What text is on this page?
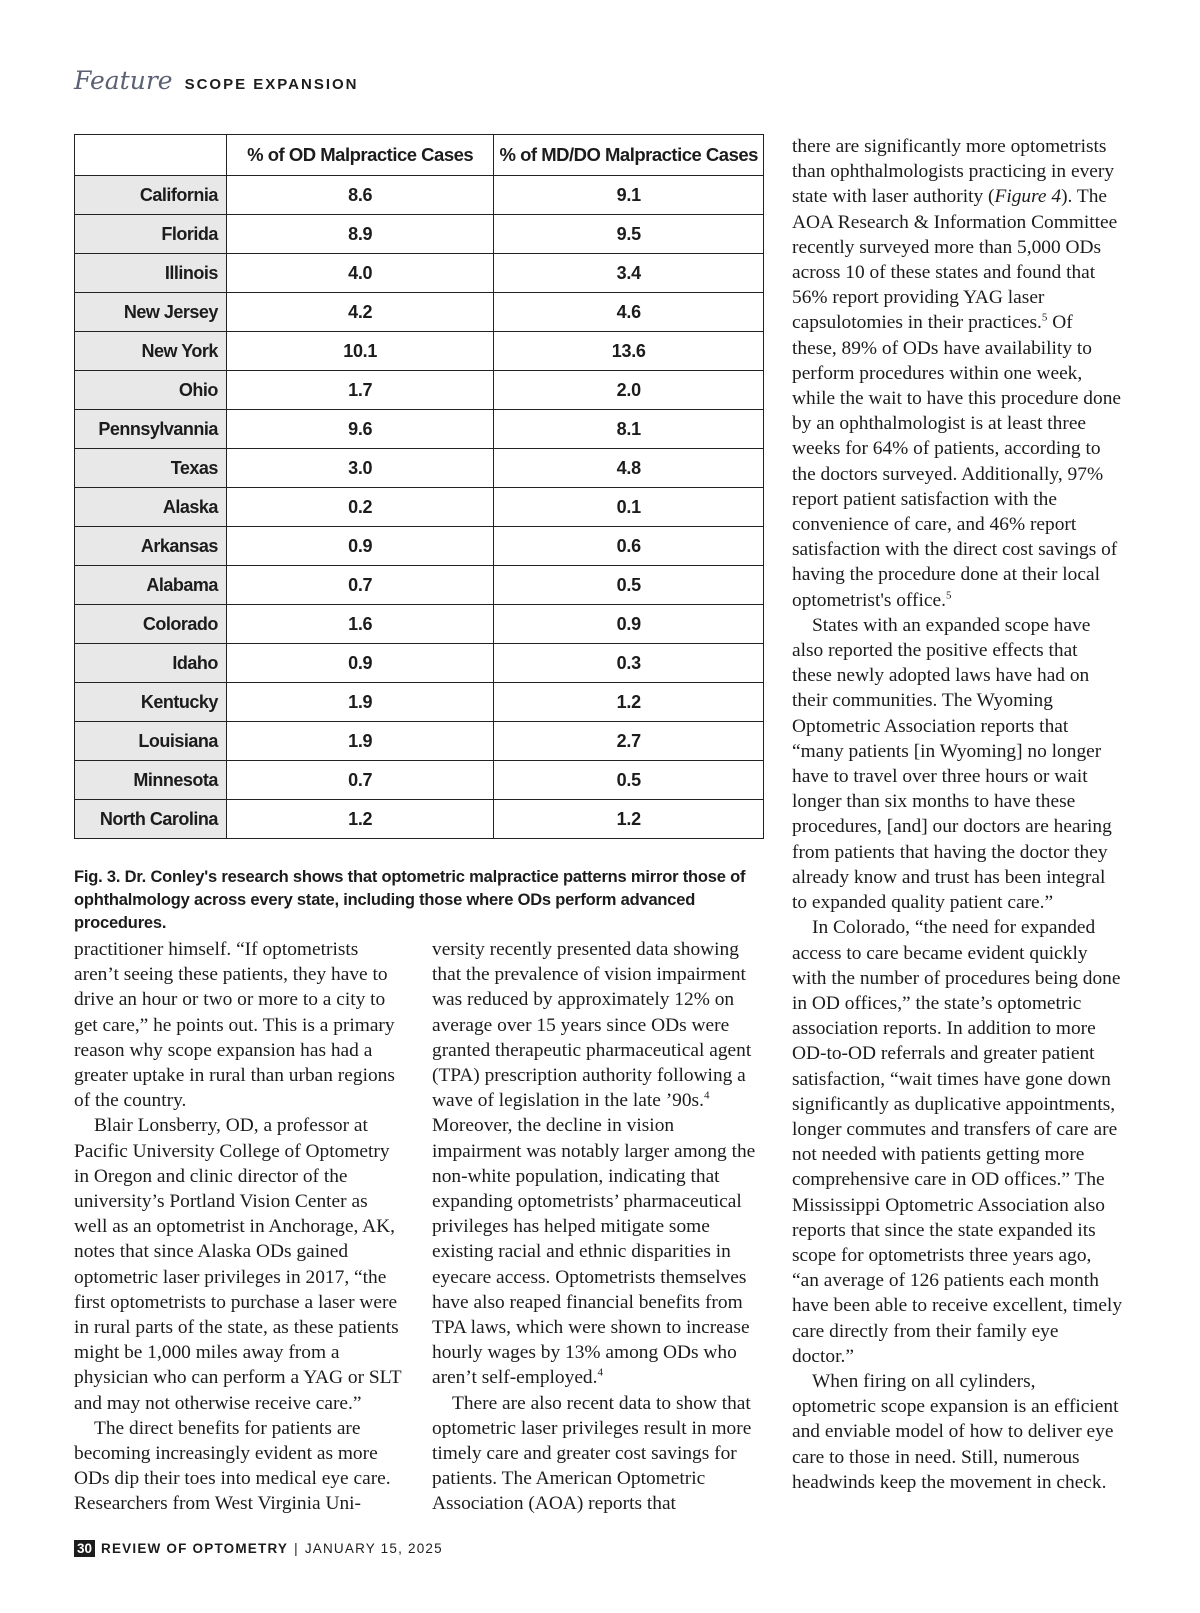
Feature SCOPE EXPANSION
	% of OD Malpractice Cases	% of MD/DO Malpractice Cases
California	8.6	9.1
Florida	8.9	9.5
Illinois	4.0	3.4
New Jersey	4.2	4.6
New York	10.1	13.6
Ohio	1.7	2.0
Pennsylvannia	9.6	8.1
Texas	3.0	4.8
Alaska	0.2	0.1
Arkansas	0.9	0.6
Alabama	0.7	0.5
Colorado	1.6	0.9
Idaho	0.9	0.3
Kentucky	1.9	1.2
Louisiana	1.9	2.7
Minnesota	0.7	0.5
North Carolina	1.2	1.2
Fig. 3. Dr. Conley's research shows that optometric malpractice patterns mirror those of ophthalmology across every state, including those where ODs perform advanced procedures.

practitioner himself. “If optometrists aren’t seeing these patients, they have to drive an hour or two or more to a city to get care,” he points out. This is a primary reason why scope expansion has had a greater uptake in rural than urban regions of the country.

Blair Lonsberry, OD, a professor at Pacific University College of Optometry in Oregon and clinic director of the university’s Portland Vision Center as well as an optometrist in Anchorage, AK, notes that since Alaska ODs gained optometric laser privileges in 2017, “the first optometrists to purchase a laser were in rural parts of the state, as these patients might be 1,000 miles away from a physician who can perform a YAG or SLT and may not otherwise receive care.”

The direct benefits for patients are becoming increasingly evident as more ODs dip their toes into medical eye care. Researchers from West Virginia Uni-

versity recently presented data showing that the prevalence of vision impairment was reduced by approximately 12% on average over 15 years since ODs were granted therapeutic pharmaceutical agent (TPA) prescription authority following a wave of legislation in the late ’90s.$^4$ Moreover, the decline in vision impairment was notably larger among the non-white population, indicating that expanding optometrists’ pharmaceutical privileges has helped mitigate some existing racial and ethnic disparities in eyecare access. Optometrists themselves have also reaped financial benefits from TPA laws, which were shown to increase hourly wages by 13% among ODs who aren’t self-employed.$^4$

There are also recent data to show that optometric laser privileges result in more timely care and greater cost savings for patients. The American Optometric Association (AOA) reports that

there are significantly more optometrists than ophthalmologists practicing in every state with laser authority (Figure 4). The AOA Research & Information Committee recently surveyed more than 5,000 ODs across 10 of these states and found that 56% report providing YAG laser capsulotomies in their practices.$^5$ Of these, 89% of ODs have availability to perform procedures within one week, while the wait to have this procedure done by an ophthalmologist is at least three weeks for 64% of patients, according to the doctors surveyed. Additionally, 97% report patient satisfaction with the convenience of care, and 46% report satisfaction with the direct cost savings of having the procedure done at their local optometrist's office.$^5$

States with an expanded scope have also reported the positive effects that these newly adopted laws have had on their communities. The Wyoming Optometric Association reports that “many patients [in Wyoming] no longer have to travel over three hours or wait longer than six months to have these procedures, [and] our doctors are hearing from patients that having the doctor they already know and trust has been integral to expanded quality patient care.”

In Colorado, “the need for expanded access to care became evident quickly with the number of procedures being done in OD offices,” the state’s optometric association reports. In addition to more OD-to-OD referrals and greater patient satisfaction, “wait times have gone down significantly as duplicative appointments, longer commutes and transfers of care are not needed with patients getting more comprehensive care in OD offices.” The Mississippi Optometric Association also reports that since the state expanded its scope for optometrists three years ago, “an average of 126 patients each month have been able to receive excellent, timely care directly from their family eye doctor.”

When firing on all cylinders, optometric scope expansion is an efficient and enviable model of how to deliver eye care to those in need. Still, numerous headwinds keep the movement in check.

30 REVIEW OF OPTOMETRY | JANUARY 15, 2025
